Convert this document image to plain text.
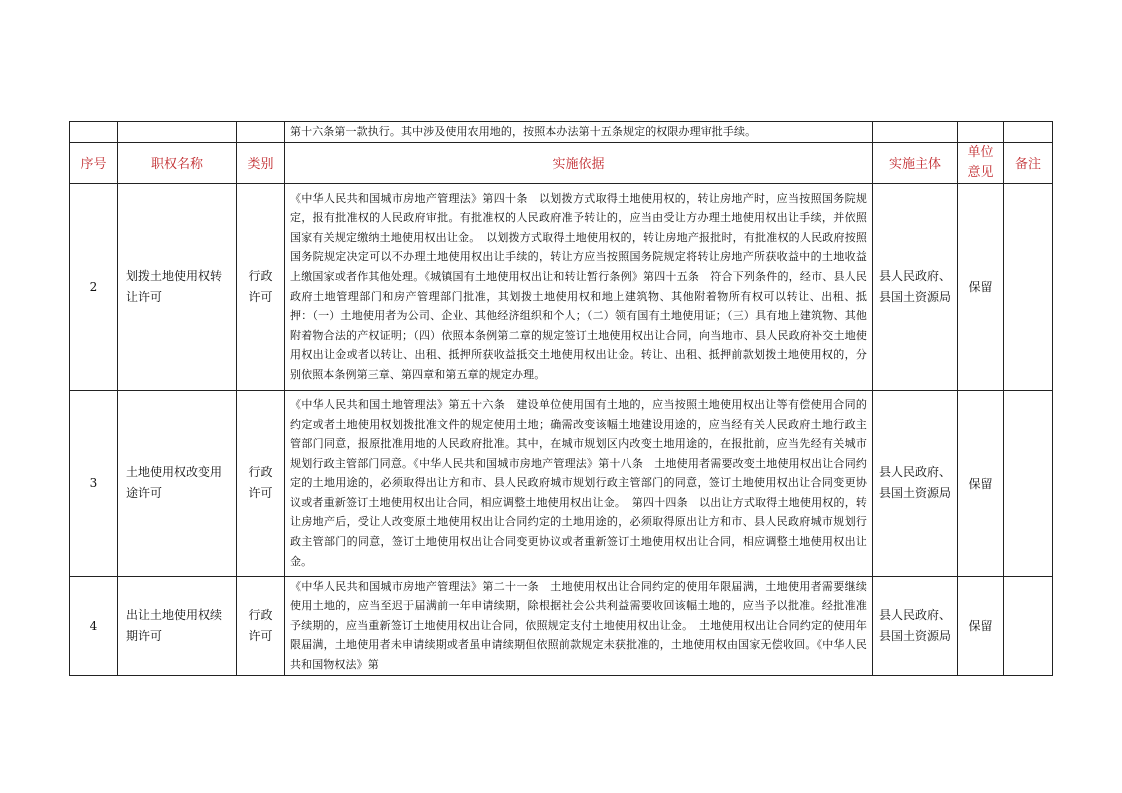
			第十六条第一款执行。其中涉及使用农用地的，按照本办法第十五条规定的权限办理审批手续。			
序号	职权名称	类别	实施依据	实施主体	单位意见	备注
2	划拨土地使用权转让许可	行政许可	《中华人民共和国城市房地产管理法》第四十条　以划拨方式取得土地使用权的，转让房地产时，应当按照国务院规定，报有批准权的人民政府审批。有批准权的人民政府准予转让的，应当由受让方办理土地使用权出让手续，并依照国家有关规定缴纳土地使用权出让金。　以划拨方式取得土地使用权的，转让房地产报批时，有批准权的人民政府按照国务院规定决定可以不办理土地使用权出让手续的，转让方应当按照国务院规定将转让房地产所获收益中的土地收益上缴国家或者作其他处理。《城镇国有土地使用权出让和转让暂行条例》第四十五条　符合下列条件的，经市、县人民政府土地管理部门和房产管理部门批准，其划拨土地使用权和地上建筑物、其他附着物所有权可以转让、出租、抵押：（一）土地使用者为公司、企业、其他经济组织和个人；（二）领有国有土地使用证；（三）具有地上建筑物、其他附着物合法的产权证明；（四）依照本条例第二章的规定签订土地使用权出让合同，向当地市、县人民政府补交土地使用权出让金或者以转让、出租、抵押所获收益抵交土地使用权出让金。转让、出租、抵押前款划拨土地使用权的，分别依照本条例第三章、第四章和第五章的规定办理。	县人民政府、县国土资源局	保留	
3	土地使用权改变用途许可	行政许可	《中华人民共和国土地管理法》第五十六条　建设单位使用国有土地的，应当按照土地使用权出让等有偿使用合同的约定或者土地使用权划拨批准文件的规定使用土地；确需改变该幅土地建设用途的，应当经有关人民政府土地行政主管部门同意，报原批准用地的人民政府批准。其中，在城市规划区内改变土地用途的，在报批前，应当先经有关城市规划行政主管部门同意。《中华人民共和国城市房地产管理法》第十八条　土地使用者需要改变土地使用权出让合同约定的土地用途的，必须取得出让方和市、县人民政府城市规划行政主管部门的同意，签订土地使用权出让合同变更协议或者重新签订土地使用权出让合同，相应调整土地使用权出让金。　第四十四条　以出让方式取得土地使用权的，转让房地产后，受让人改变原土地使用权出让合同约定的土地用途的，必须取得原出让方和市、县人民政府城市规划行政主管部门的同意，签订土地使用权出让合同变更协议或者重新签订土地使用权出让合同，相应调整土地使用权出让金。	县人民政府、县国土资源局	保留	
4	出让土地使用权续期许可	行政许可	《中华人民共和国城市房地产管理法》第二十一条　土地使用权出让合同约定的使用年限届满，土地使用者需要继续使用土地的，应当至迟于届满前一年申请续期，除根据社会公共利益需要收回该幅土地的，应当予以批准。经批准准予续期的，应当重新签订土地使用权出让合同，依照规定支付土地使用权出让金。　土地使用权出让合同约定的使用年限届满，土地使用者未申请续期或者虽申请续期但依照前款规定未获批准的，土地使用权由国家无偿收回。《中华人民共和国物权法》第	县人民政府、县国土资源局	保留	
